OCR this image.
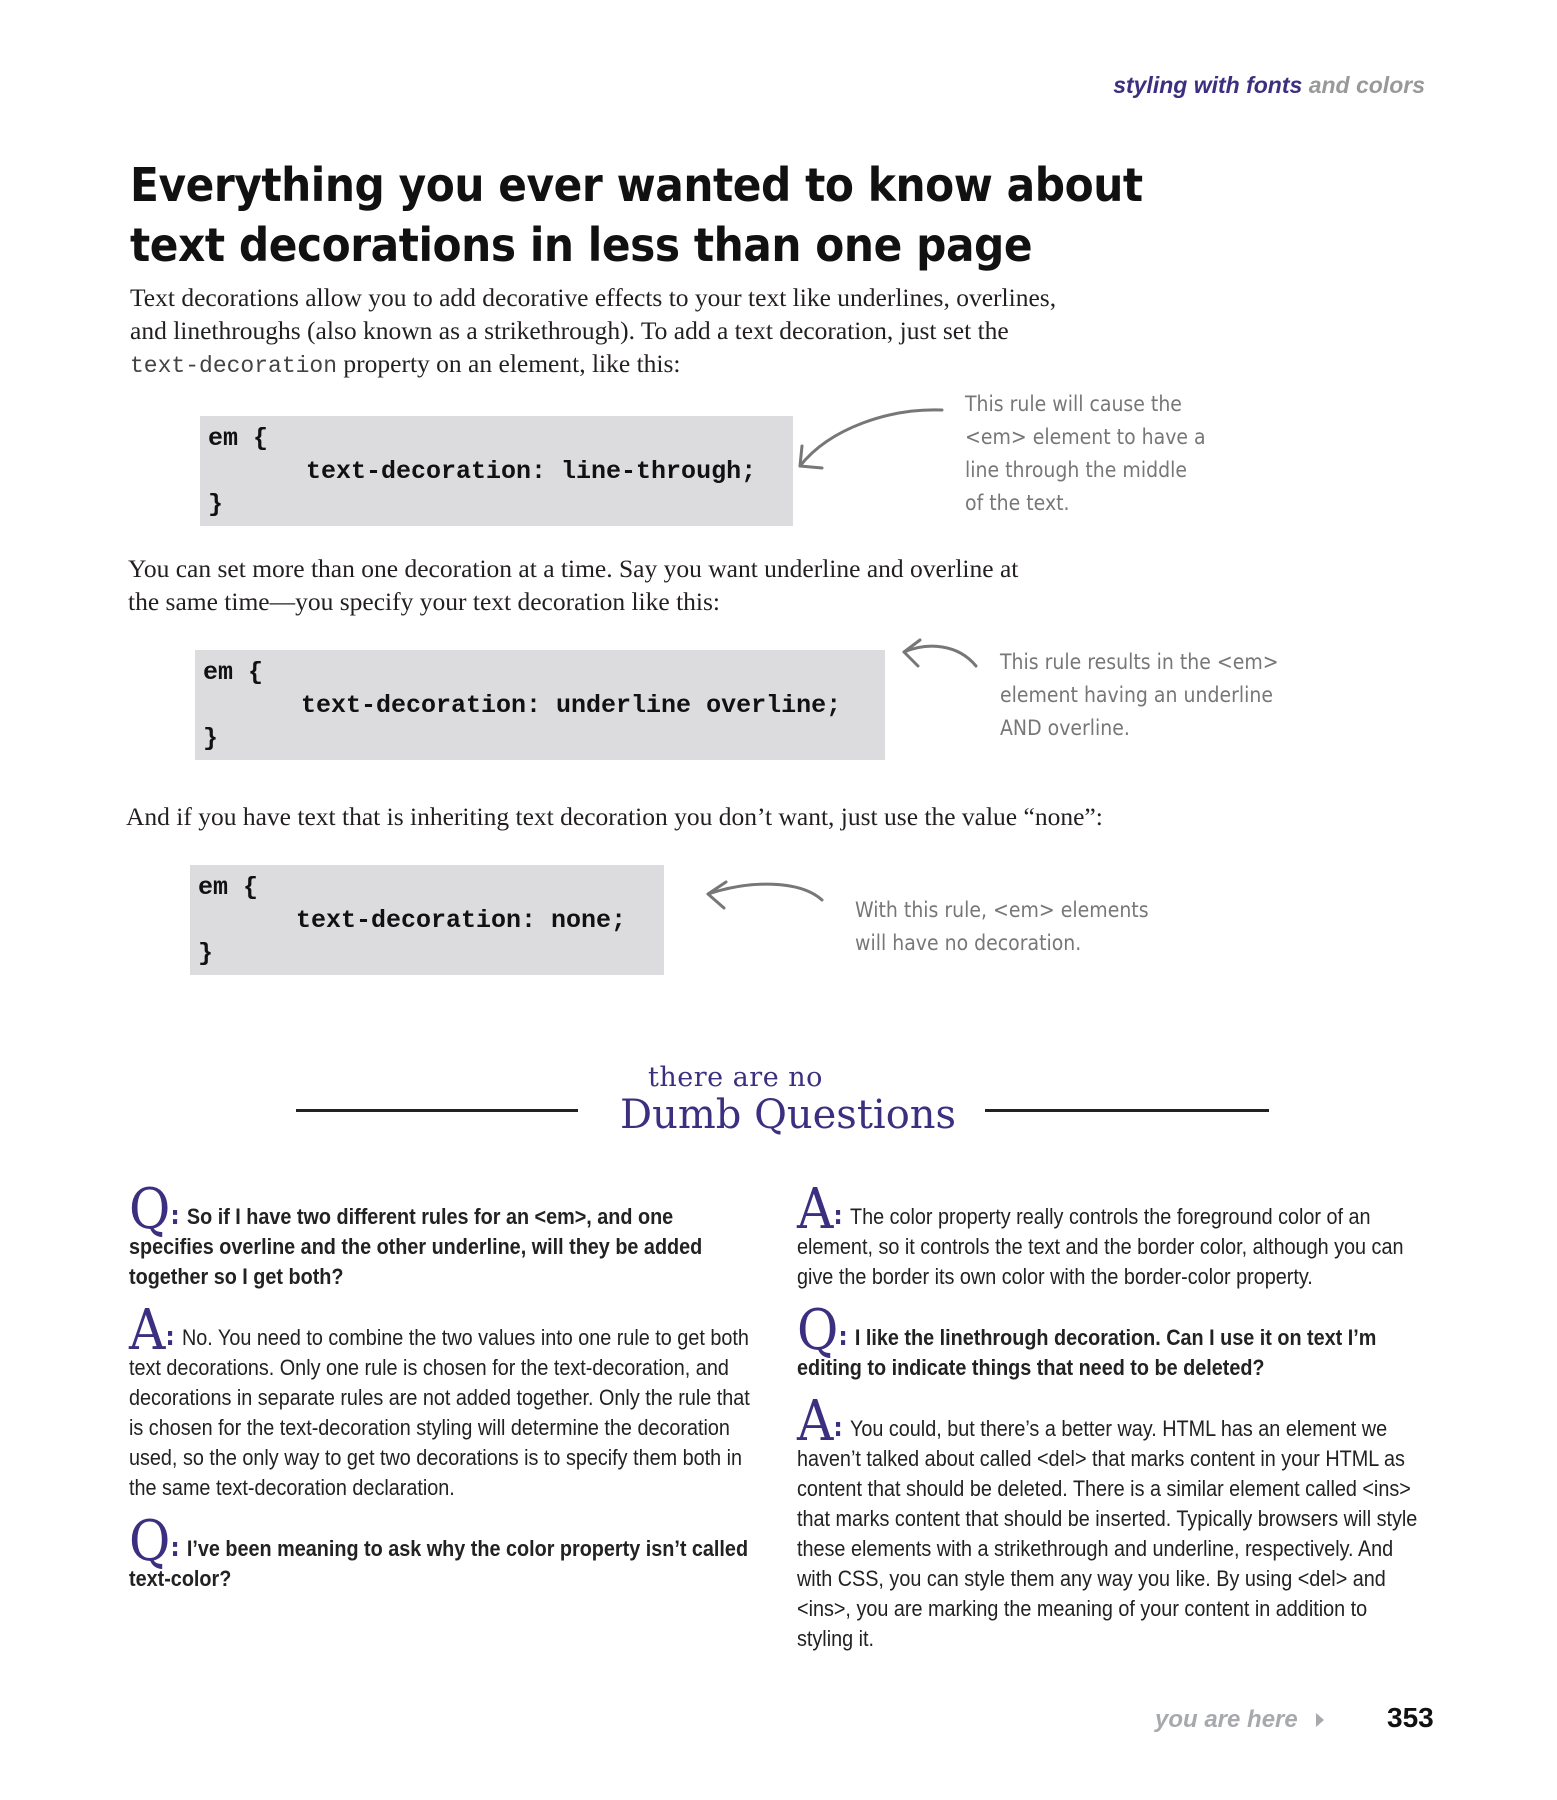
styling with fonts and colors
Everything you ever wanted to know about
text decorations in less than one page
Text decorations allow you to add decorative effects to your text like underlines, overlines,
and linethroughs (also known as a strikethrough). To add a text decoration, just set the
text-decoration property on an element, like this:
em {
text-decoration: line-through;
}
This rule will cause the
<em> element to have a
line through the middle
of the text.
You can set more than one decoration at a time. Say you want underline and overline at
the same time—you specify your text decoration like this:
em {
text-decoration: underline overline;
}
This rule results in the <em>
element having an underline
AND overline.
And if you have text that is inheriting text decoration you don’t want, just use the value “none”:
em {
text-decoration: none;
}
With this rule, <em> elements
will have no decoration.
there are no
Dumb Questions

Q: So if I have two different rules for an <em>, and one specifies overline and the other underline, will they be added together so I get both?

A: No. You need to combine the two values into one rule to get both text decorations. Only one rule is chosen for the text-decoration, and decorations in separate rules are not added together. Only the rule that is chosen for the text-decoration styling will determine the decoration used, so the only way to get two decorations is to specify them both in the same text-decoration declaration.

Q: I’ve been meaning to ask why the color property isn’t called text-color?

A: The color property really controls the foreground color of an element, so it controls the text and the border color, although you can give the border its own color with the border-color property.

Q: I like the linethrough decoration. Can I use it on text I’m editing to indicate things that need to be deleted?

A: You could, but there’s a better way. HTML has an element we haven’t talked about called <del> that marks content in your HTML as content that should be deleted. There is a similar element called <ins> that marks content that should be inserted. Typically browsers will style these elements with a strikethrough and underline, respectively. And with CSS, you can style them any way you like. By using <del> and <ins>, you are marking the meaning of your content in addition to styling it.

you are here	353
